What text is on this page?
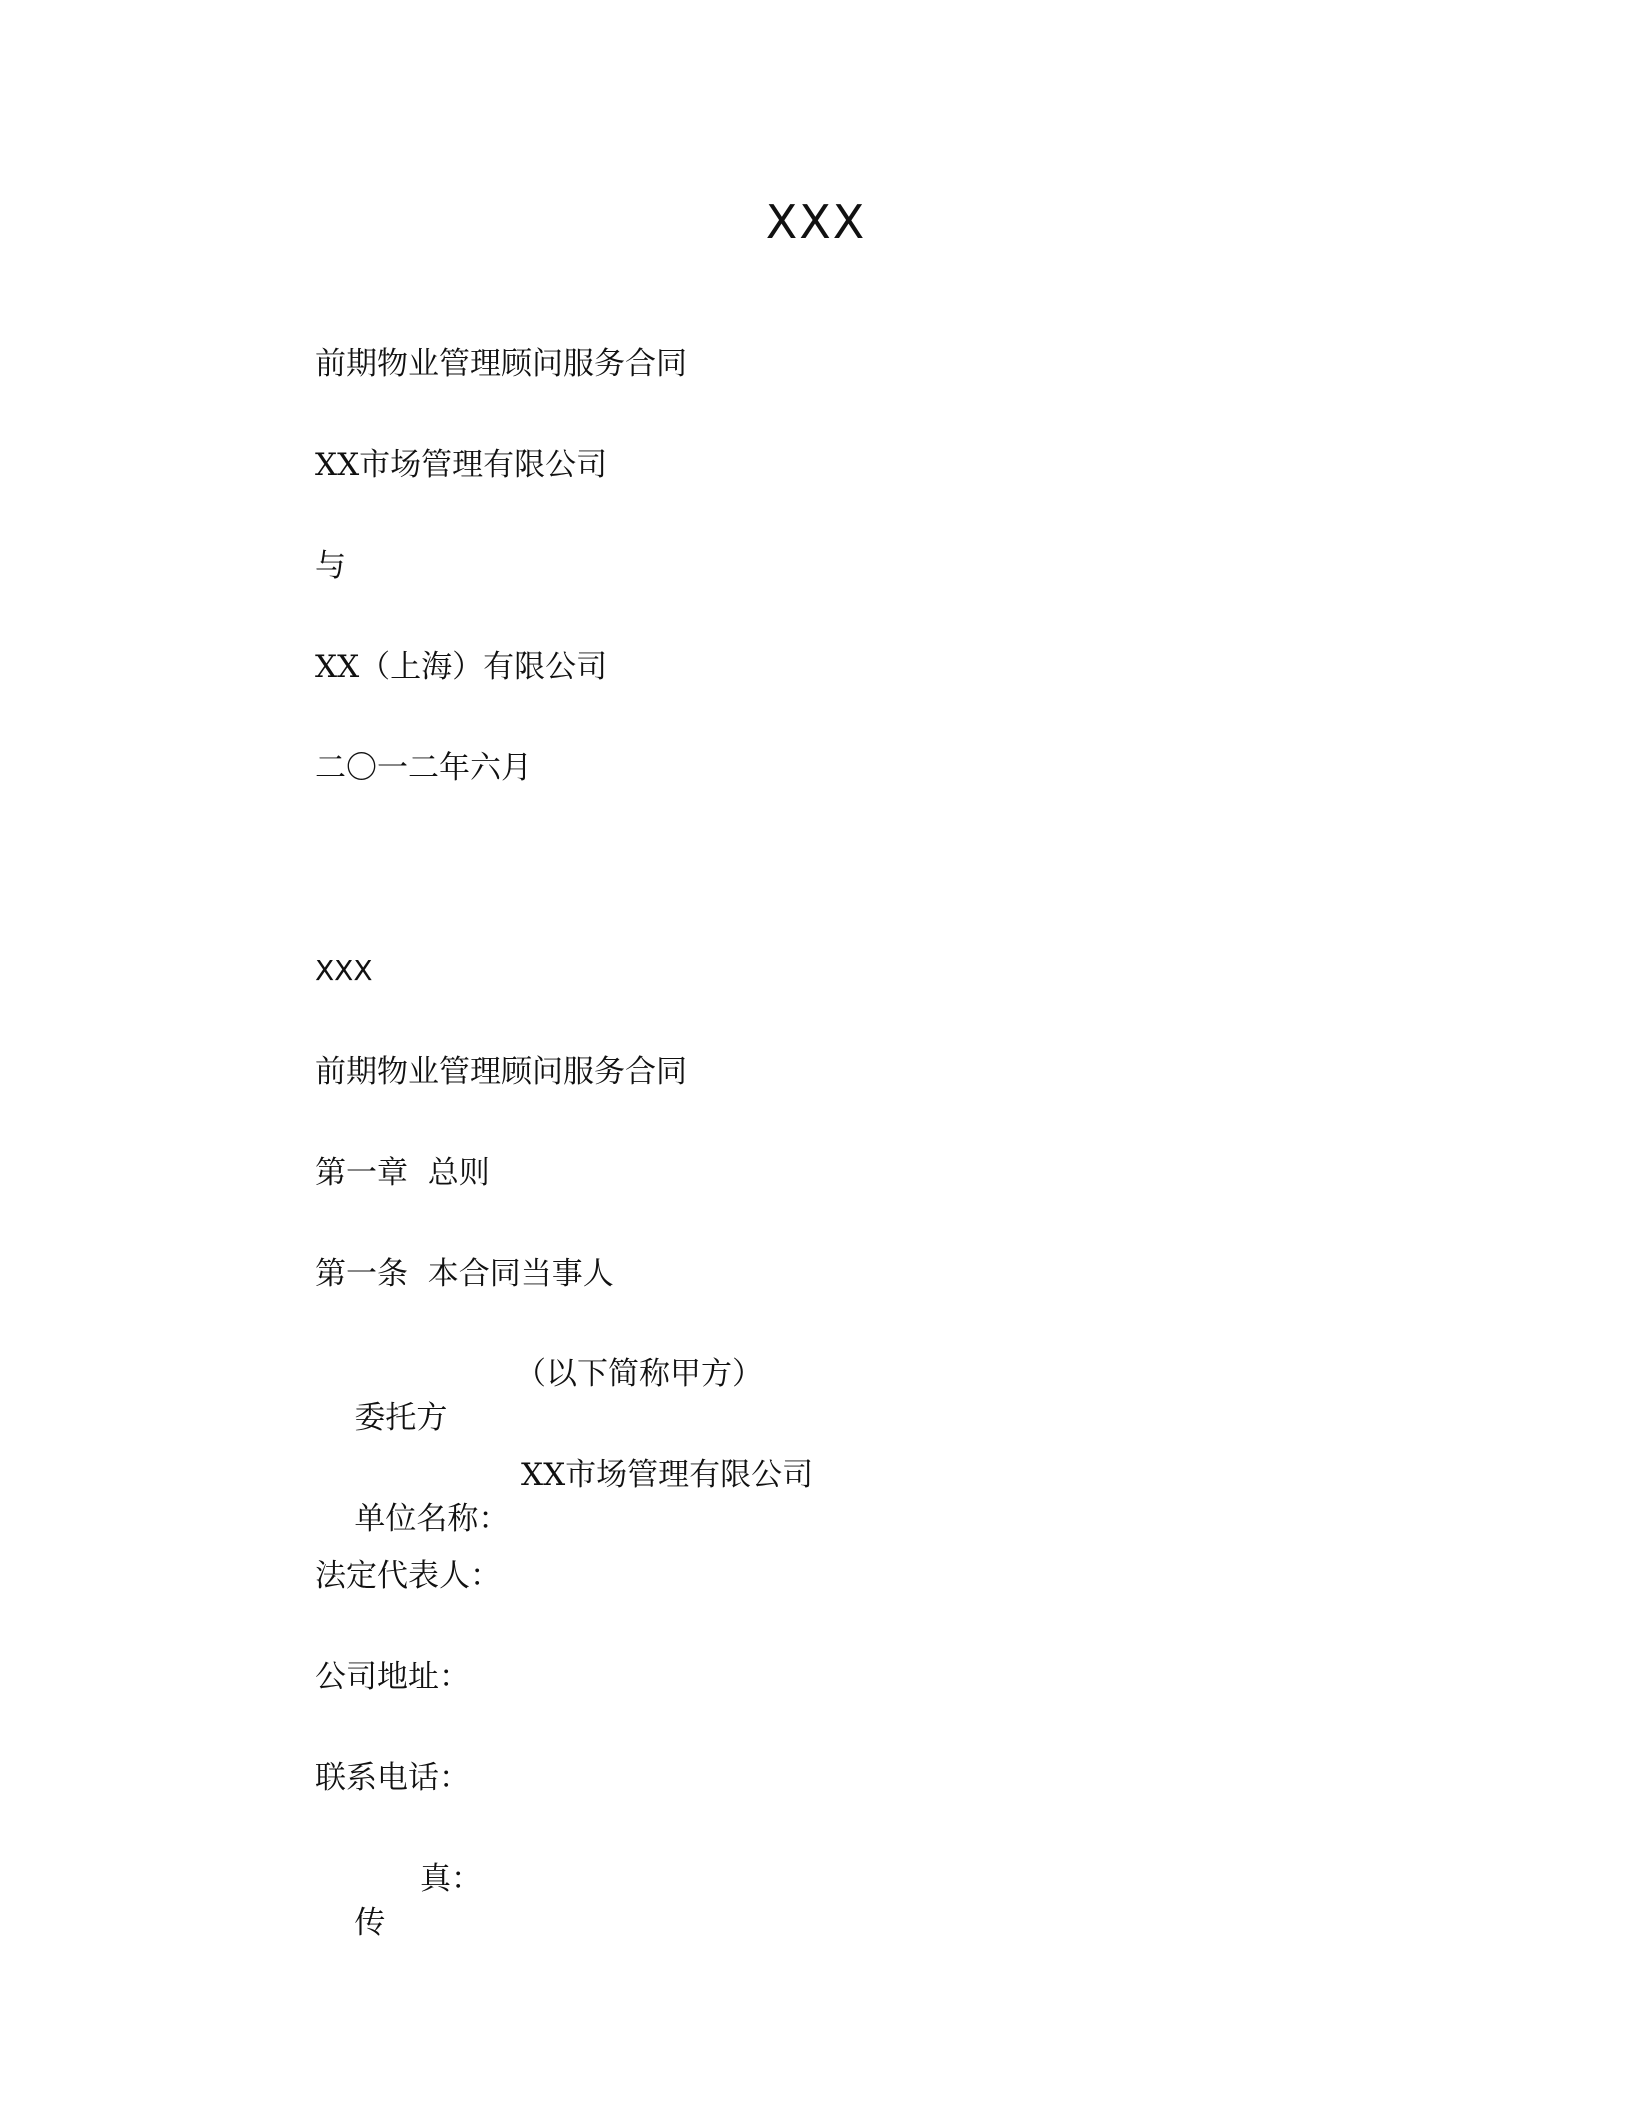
XXX
前期物业管理顾问服务合同
XX市场管理有限公司
与
XX（上海）有限公司
二〇一二年六月
XXX
前期物业管理顾问服务合同
第一章  总则
第一条  本合同当事人

委托方

（以下简称甲方）

单位名称：

XX市场管理有限公司

法定代表人：
公司地址：
联系电话：

传

真：
